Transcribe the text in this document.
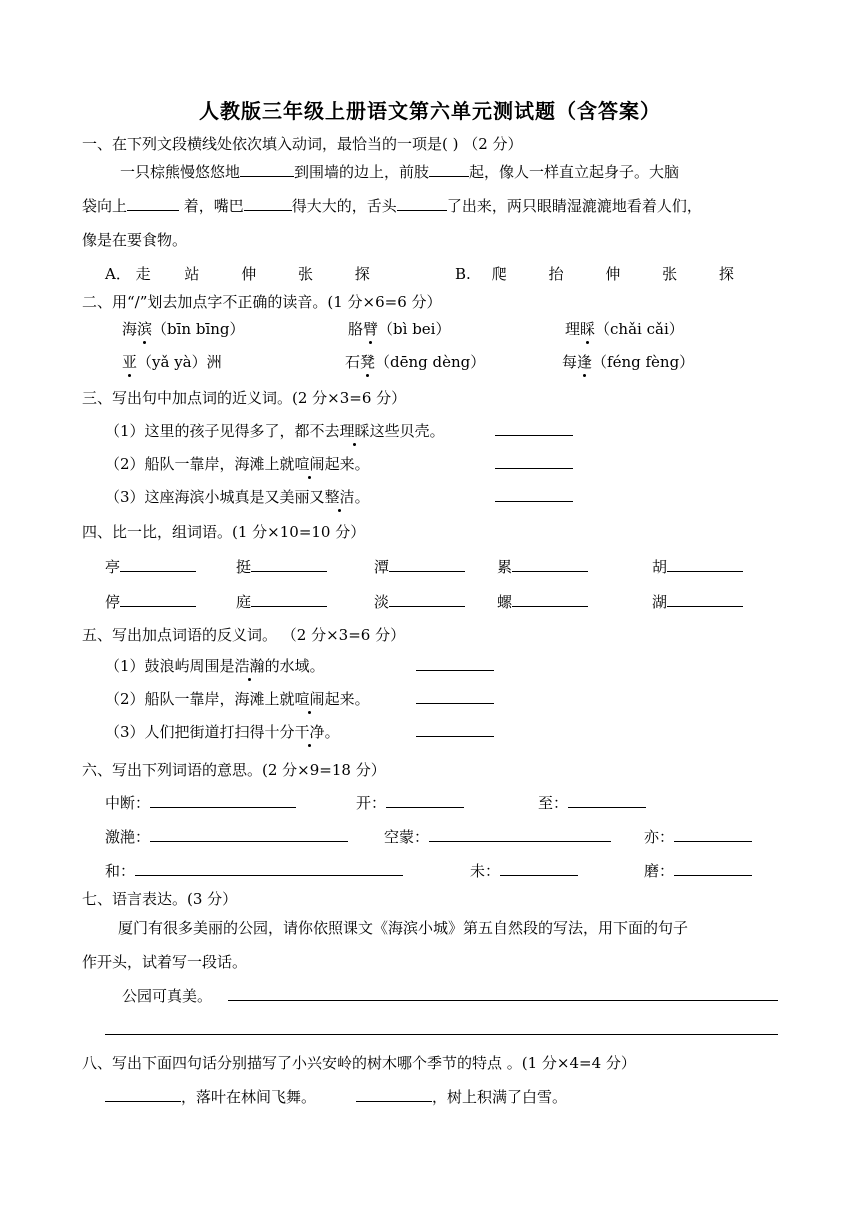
人教版三年级上册语文第六单元测试题（含答案）
一、在下列文段横线处依次填入动词，最恰当的一项是( ) （2 分）
一只棕熊慢悠悠地	到围墙的边上，前肢	起，像人一样直立起身子。大脑
袋向上	着，嘴巴	得大大的，舌头	了出来，两只眼睛湿漉漉地看着人们，
像是在要食物。
A． 走 站	伸	张	探	B. 爬	抬	伸	张	探
二、用“/”划去加点字不正确的读音。(1 分×6=6 分）
海滨（bīn bīng）	胳臂（bì bei）	理睬（chǎi cǎi）
亚（yǎ yà）洲	石凳（dēng dèng）	每逢（féng fèng）
三、写出句中加点词的近义词。(2 分×3=6 分）
（1）这里的孩子见得多了，都不去理睬这些贝壳。
（2）船队一靠岸，海滩上就喧闹起来。
（3）这座海滨小城真是又美丽又整洁。
四、比一比，组词语。(1 分×10=10 分）
亭	挺	潭	累	胡
停	庭	淡	螺	湖
五、写出加点词语的反义词。 （2 分×3=6 分）
（1）鼓浪屿周围是浩瀚的水域。
（2）船队一靠岸，海滩上就喧闹起来。
（3）人们把街道打扫得十分干净。
六、写出下列词语的意思。(2 分×9=18 分）
中断：	开：	至：
激滟：	空蒙：	亦：
和：	未：	磨：
七、语言表达。(3 分）
厦门有很多美丽的公园，请你依照课文《海滨小城》第五自然段的写法，用下面的句子
作开头，试着写一段话。
公园可真美。
八、写出下面四句话分别描写了小兴安岭的树木哪个季节的特点 。(1 分×4=4 分）
，落叶在林间飞舞。	，树上积满了白雪。
